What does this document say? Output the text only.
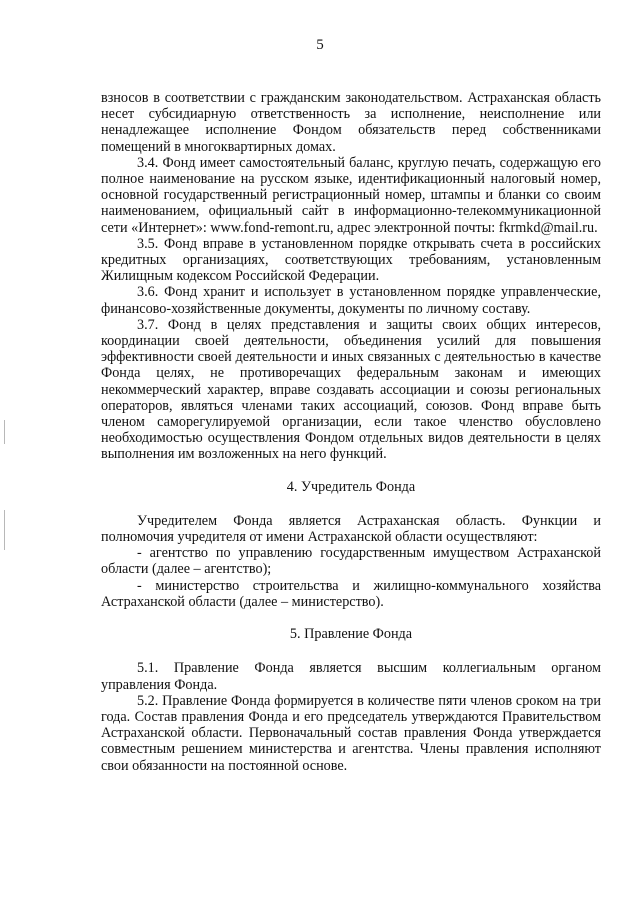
5

взносов в соответствии с гражданским законодательством. Астраханская область несет субсидиарную ответственность за исполнение, неисполнение или ненадлежащее исполнение Фондом обязательств перед собственниками помещений в многоквартирных домах.

3.4. Фонд имеет самостоятельный баланс, круглую печать, содержащую его полное наименование на русском языке, идентификационный налоговый номер, основной государственный регистрационный номер, штампы и бланки со своим наименованием, официальный сайт в информационно-телекоммуникационной сети «Интернет»: www.fond-remont.ru, адрес электронной почты: fkrmkd@mail.ru.

3.5. Фонд вправе в установленном порядке открывать счета в российских кредитных организациях, соответствующих требованиям, установленным Жилищным кодексом Российской Федерации.

3.6. Фонд хранит и использует в установленном порядке управленческие, финансово-хозяйственные документы, документы по личному составу.

3.7. Фонд в целях представления и защиты своих общих интересов, координации своей деятельности, объединения усилий для повышения эффективности своей деятельности и иных связанных с деятельностью в качестве Фонда целях, не противоречащих федеральным законам и имеющих некоммерческий характер, вправе создавать ассоциации и союзы региональных операторов, являться членами таких ассоциаций, союзов. Фонд вправе быть членом саморегулируемой организации, если такое членство обусловлено необходимостью осуществления Фондом отдельных видов деятельности в целях выполнения им возложенных на него функций.

4. Учредитель Фонда

Учредителем Фонда является Астраханская область. Функции и полномочия учредителя от имени Астраханской области осуществляют:

- агентство по управлению государственным имуществом Астраханской области (далее – агентство);

- министерство строительства и жилищно-коммунального хозяйства Астраханской области (далее – министерство).

5. Правление Фонда

5.1. Правление Фонда является высшим коллегиальным органом управления Фонда.

5.2. Правление Фонда формируется в количестве пяти членов сроком на три года. Состав правления Фонда и его председатель утверждаются Правительством Астраханской области. Первоначальный состав правления Фонда утверждается совместным решением министерства и агентства. Члены правления исполняют свои обязанности на постоянной основе.
